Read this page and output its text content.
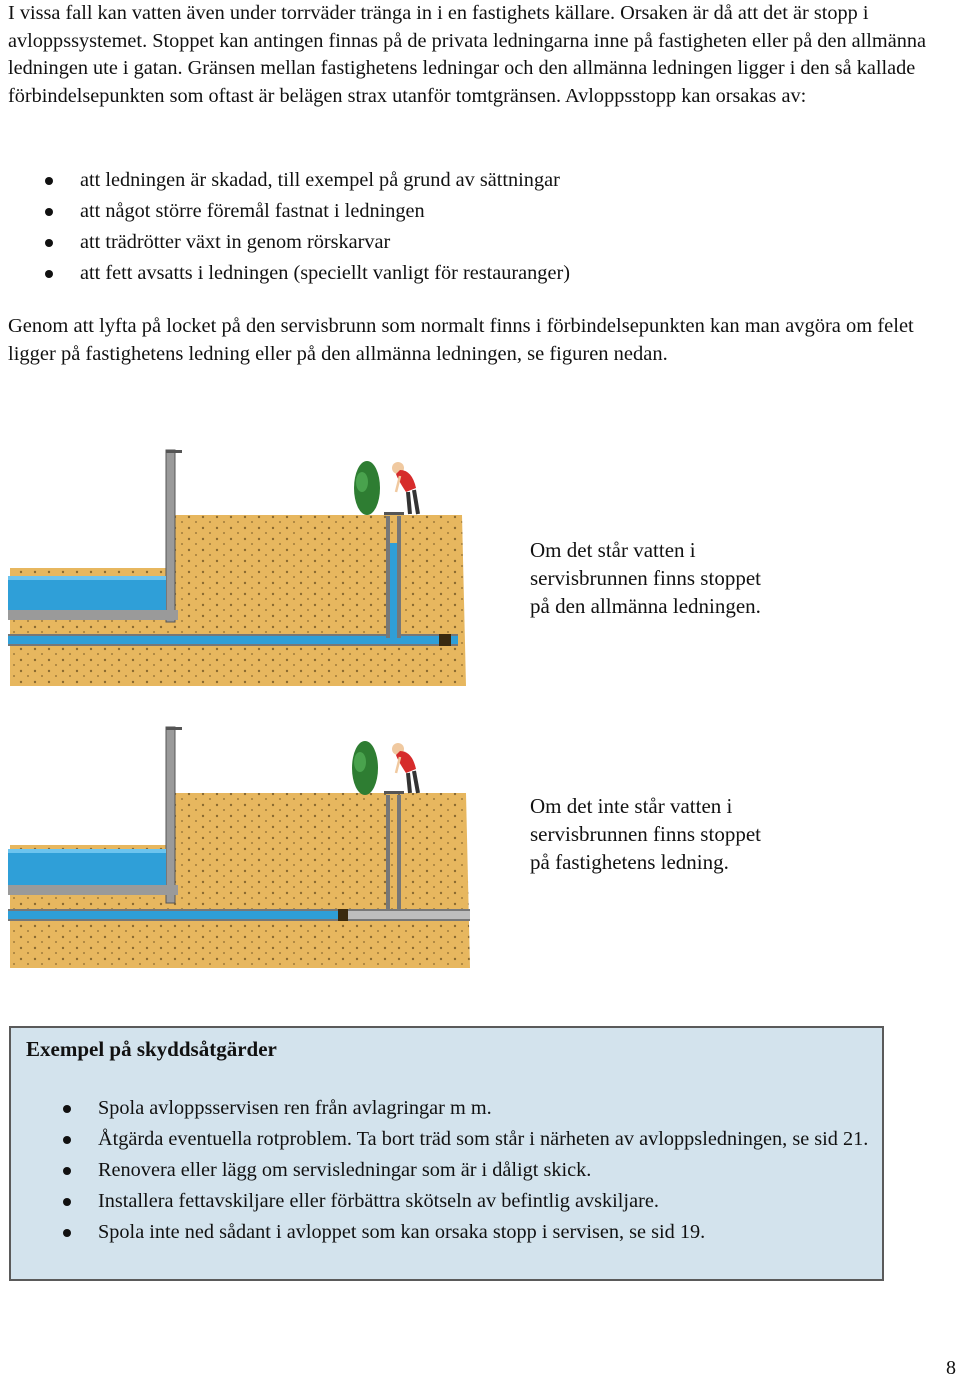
I vissa fall kan vatten även under torrväder tränga in i en fastighets källare. Orsaken är då att det är stopp i avloppssystemet. Stoppet kan antingen finnas på de privata ledningarna inne på fastigheten eller på den allmänna ledningen ute i gatan. Gränsen mellan fastighetens ledningar och den allmänna ledningen ligger i den så kallade förbindelsepunkten som oftast är belägen strax utanför tomtgränsen. Avloppsstopp kan orsakas av:

att ledningen är skadad, till exempel på grund av sättningar
att något större föremål fastnat i ledningen
att trädrötter växt in genom rörskarvar
att fett avsatts i ledningen (speciellt vanligt för restauranger)

Genom att lyfta på locket på den servisbrunn som normalt finns i förbindelsepunkten kan man avgöra om felet ligger på fastighetens ledning eller på den allmänna ledningen, se figuren nedan.

Om det står vatten i servisbrunnen finns stoppet på den allmänna ledningen.

Om det inte står vatten i servisbrunnen finns stoppet på fastighetens ledning.

Exempel på skyddsåtgärder

Spola avloppsservisen ren från avlagringar m m.
Åtgärda eventuella rotproblem. Ta bort träd som står i närheten av avloppsledningen, se sid 21.
Renovera eller lägg om servisledningar som är i dåligt skick.
Installera fettavskiljare eller förbättra skötseln av befintlig avskiljare.
Spola inte ned sådant i avloppet som kan orsaka stopp i servisen, se sid 19.

8
